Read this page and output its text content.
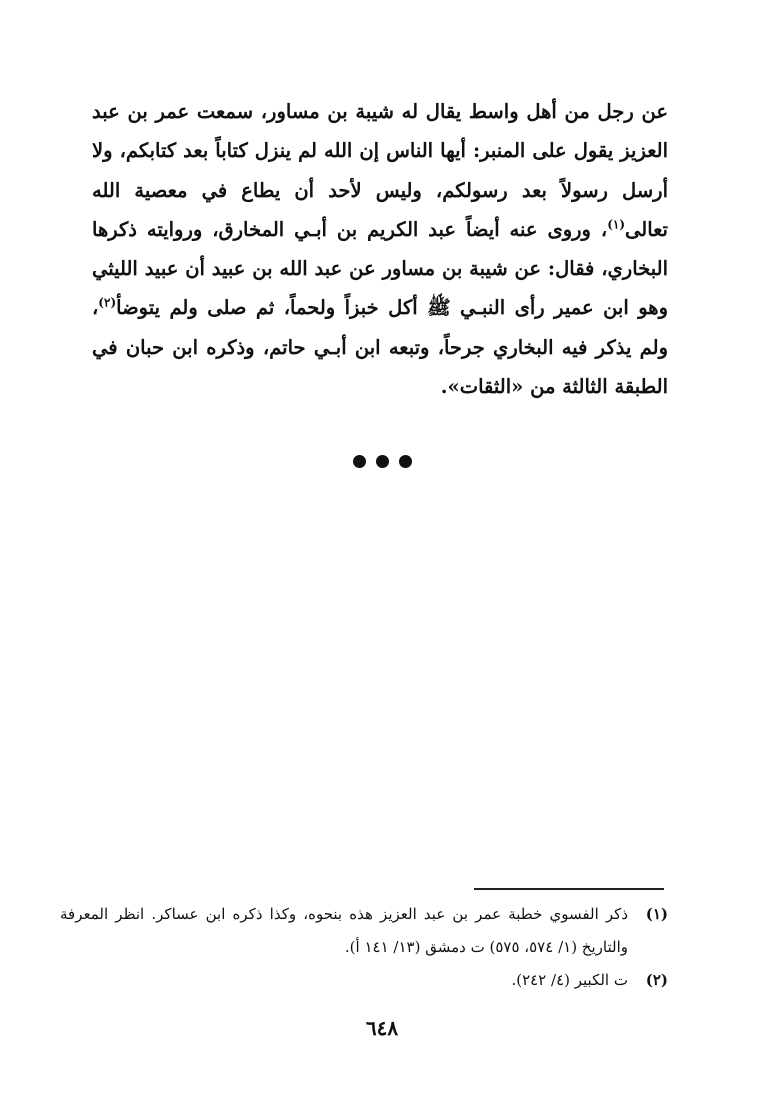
عن رجل من أهل واسط يقال له شيبة بن مساور، سمعت عمر بن عبد العزيز يقول على المنبر: أيها الناس إن الله لم ينزل كتاباً بعد كتابكم، ولا أرسل رسولاً بعد رسولكم، وليس لأحد أن يطاع في معصية الله تعالى$^{(١)}$، وروى عنه أيضاً عبد الكريم بن أبـي المخارق، وروايته ذكرها البخاري، فقال: عن شيبة بن مساور عن عبد الله بن عبيد أن عبيد الليثي وهو ابن عمير رأى النبـي ﷺ أكل خبزاً ولحماً، ثم صلى ولم يتوضأ$^{(٢)}$، ولم يذكر فيه البخاري جرحاً، وتبعه ابن أبـي حاتم، وذكره ابن حبان في الطبقة الثالثة من «الثقات».

(١)
ذكر الفسوي خطبة عمر بن عبد العزيز هذه بنحوه، وكذا ذكره ابن عساكر. انظر المعرفة والتاريخ (١/ ٥٧٤، ٥٧٥) ت دمشق (١٣/ ١٤١ أ).
(٢)
ت الكبير (٤/ ٢٤٢).
٦٤٨
